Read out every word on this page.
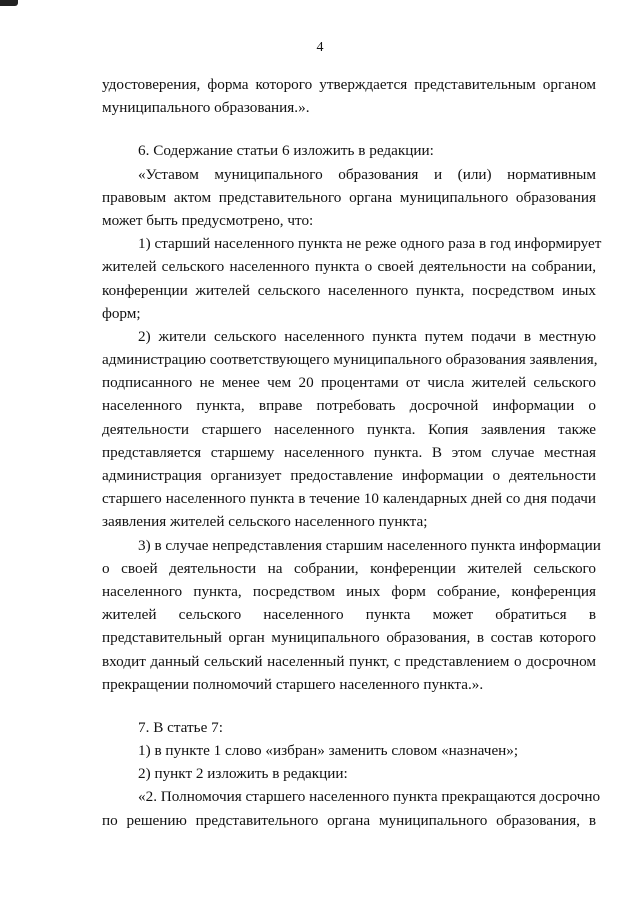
4
удостоверения, форма которого утверждается представительным органом
муниципального образования.».
6. Содержание статьи 6 изложить в редакции:
«Уставом муниципального образования и (или) нормативным
правовым актом представительного органа муниципального образования
может быть предусмотрено, что:
1) старший населенного пункта не реже одного раза в год информирует
жителей сельского населенного пункта о своей деятельности на собрании,
конференции жителей сельского населенного пункта, посредством иных
форм;
2) жители сельского населенного пункта путем подачи в местную
администрацию соответствующего муниципального образования заявления,
подписанного не менее чем 20 процентами от числа жителей сельского
населенного пункта, вправе потребовать досрочной информации о
деятельности старшего населенного пункта. Копия заявления также
представляется старшему населенного пункта. В этом случае местная
администрация организует предоставление информации о деятельности
старшего населенного пункта в течение 10 календарных дней со дня подачи
заявления жителей сельского населенного пункта;
3) в случае непредставления старшим населенного пункта информации
о своей деятельности на собрании, конференции жителей сельского
населенного пункта, посредством иных форм собрание, конференция
жителей сельского населенного пункта может обратиться в
представительный орган муниципального образования, в состав которого
входит данный сельский населенный пункт, с представлением о досрочном
прекращении полномочий старшего населенного пункта.».
7. В статье 7:
1) в пункте 1 слово «избран» заменить словом «назначен»;
2) пункт 2 изложить в редакции:
«2. Полномочия старшего населенного пункта прекращаются досрочно
по решению представительного органа муниципального образования, в
